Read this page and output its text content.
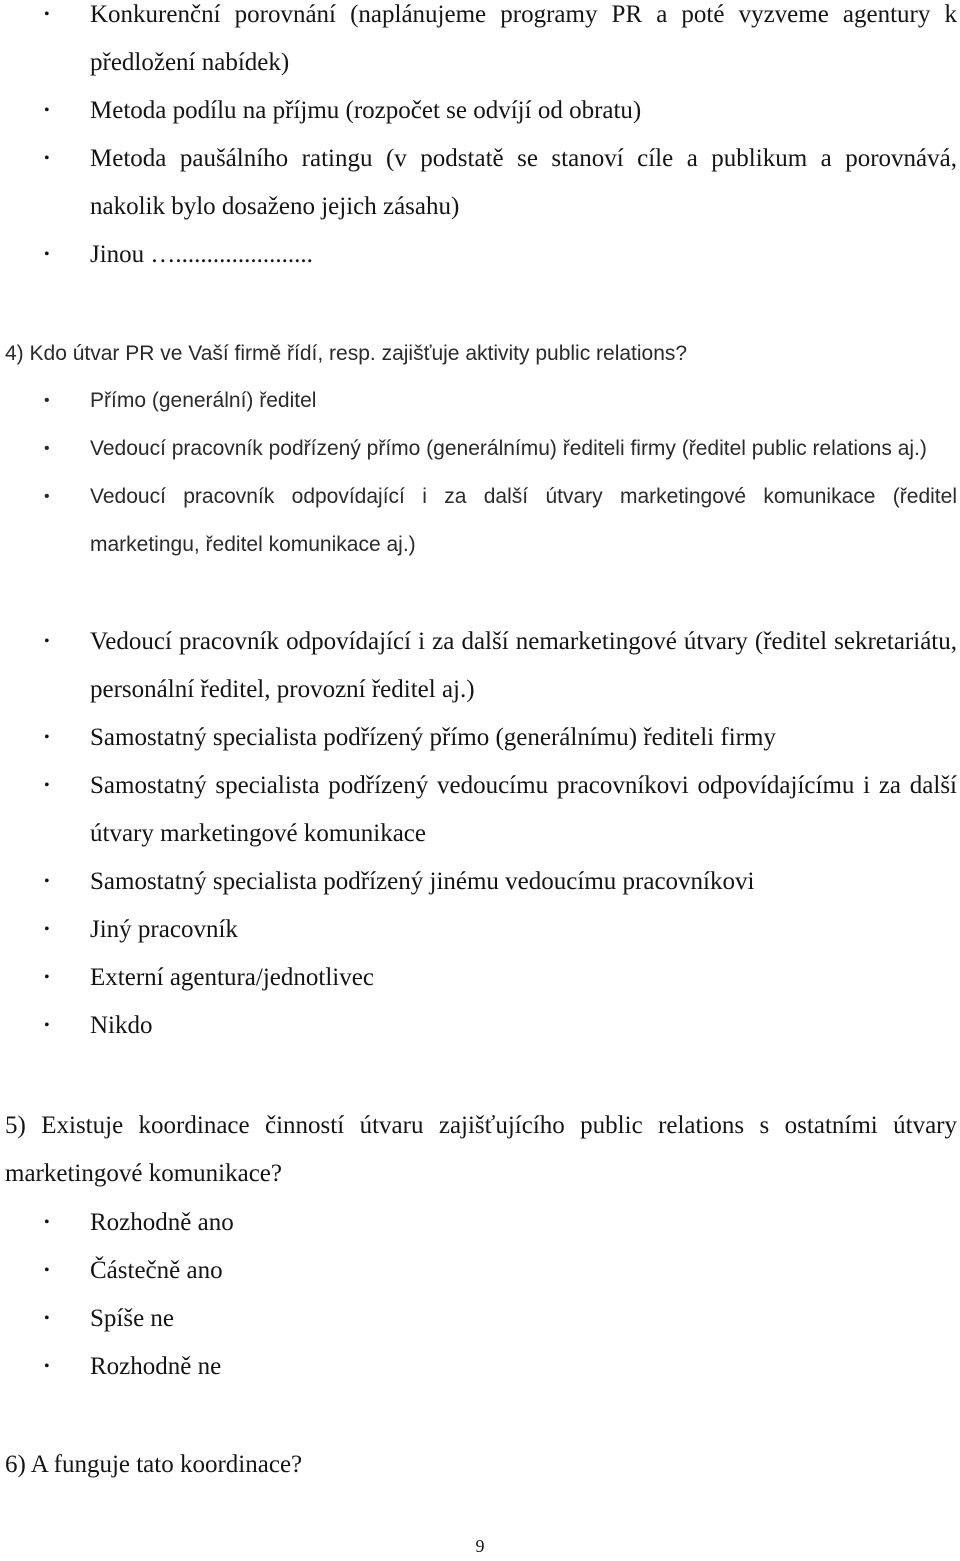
• Konkurenční porovnání (naplánujeme programy PR a poté vyzveme agentury k předložení nabídek)
• Metoda podílu na příjmu (rozpočet se odvíjí od obratu)
• Metoda paušálního ratingu (v podstatě se stanoví cíle a publikum a porovnává, nakolik bylo dosaženo jejich zásahu)
• Jinou …......................

4) Kdo útvar PR ve Vaší firmě řídí, resp. zajišťuje aktivity public relations?

• Přímo (generální) ředitel
• Vedoucí pracovník podřízený přímo (generálnímu) řediteli firmy (ředitel public relations aj.)
• Vedoucí pracovník odpovídající i za další útvary marketingové komunikace (ředitel marketingu, ředitel komunikace aj.)
• Vedoucí pracovník odpovídající i za další nemarketingové útvary (ředitel sekretariátu, personální ředitel, provozní ředitel aj.)
• Samostatný specialista podřízený přímo (generálnímu) řediteli firmy
• Samostatný specialista podřízený vedoucímu pracovníkovi odpovídajícímu i za další útvary marketingové komunikace
• Samostatný specialista podřízený jinému vedoucímu pracovníkovi
• Jiný pracovník
• Externí agentura/jednotlivec
• Nikdo

5) Existuje koordinace činností útvaru zajišťujícího public relations s ostatními útvary marketingové komunikace?

• Rozhodně ano
• Částečně ano
• Spíše ne
• Rozhodně ne

6) A funguje tato koordinace?

9
